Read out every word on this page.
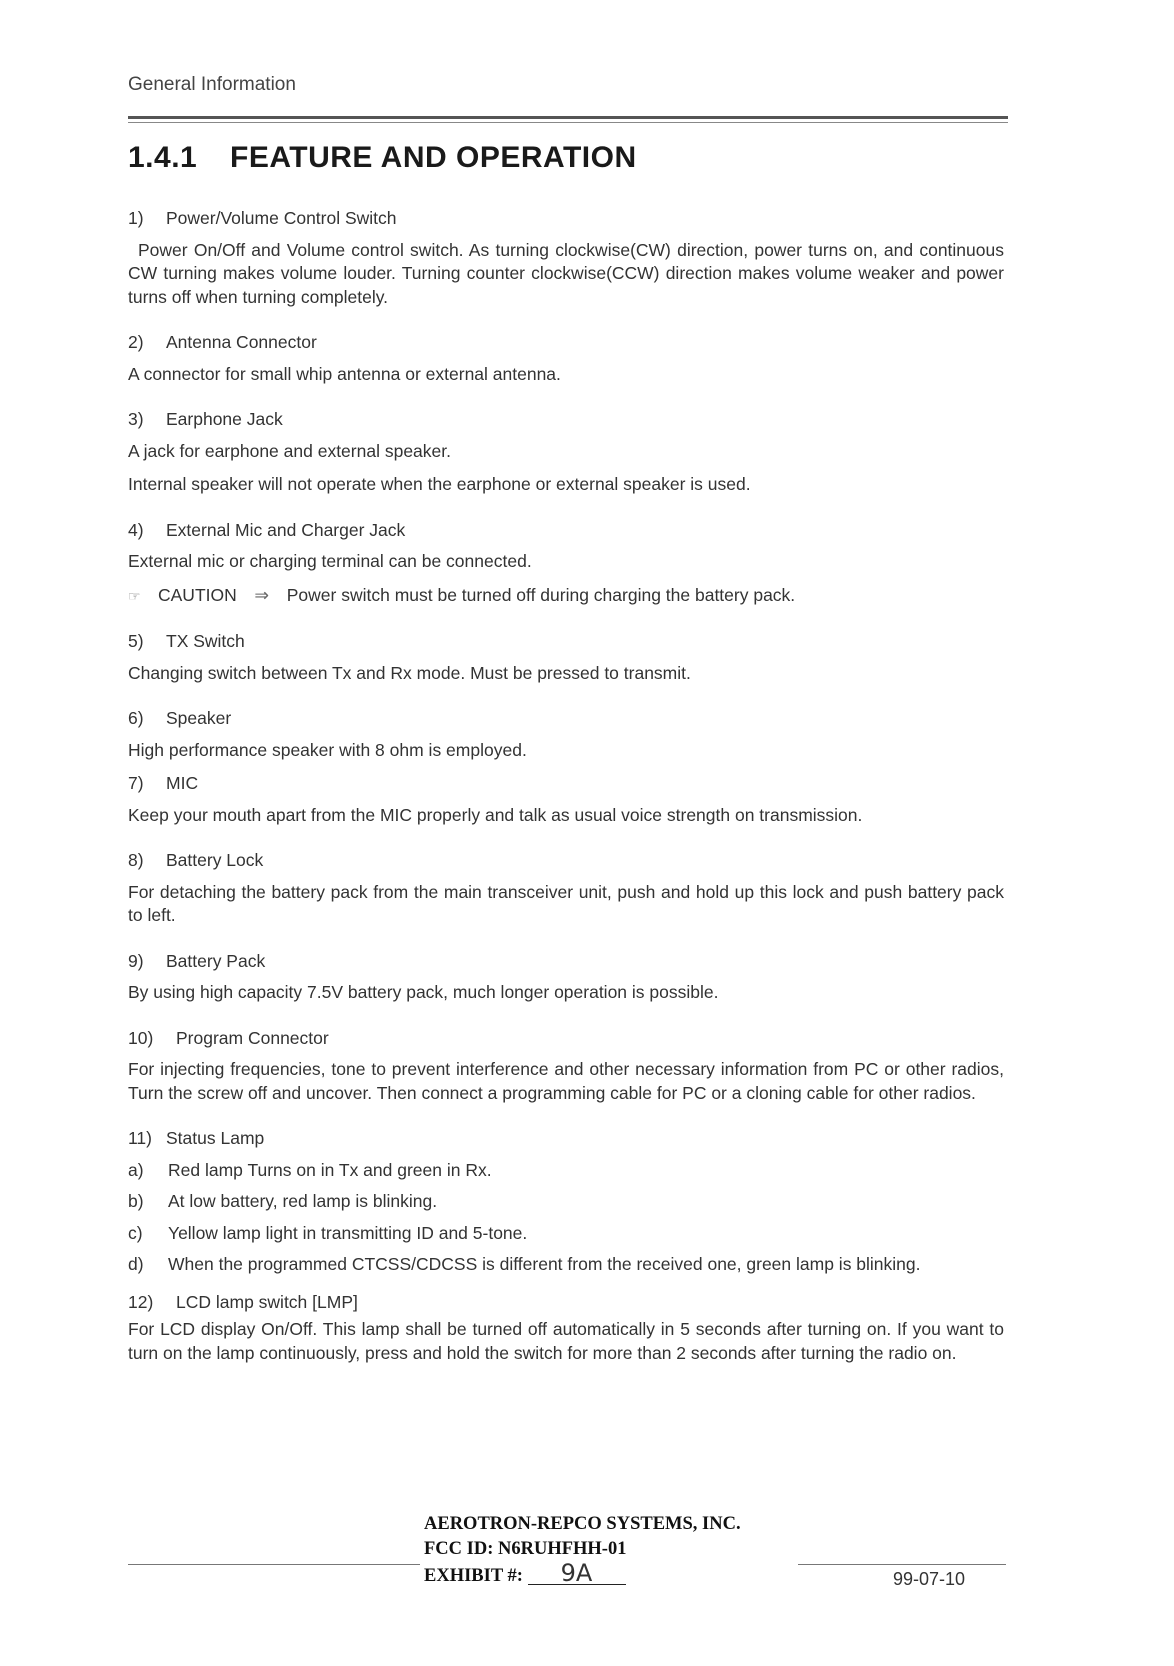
General Information
1.4.1 FEATURE AND OPERATION
1) Power/Volume Control Switch
Power On/Off and Volume control switch. As turning clockwise(CW) direction, power turns on, and continuous CW turning makes volume louder. Turning counter clockwise(CCW) direction makes volume weaker and power turns off when turning completely.
2) Antenna Connector
A connector for small whip antenna or external antenna.
3) Earphone Jack
A jack for earphone and external speaker.
Internal speaker will not operate when the earphone or external speaker is used.
4) External Mic and Charger Jack
External mic or charging terminal can be connected.
☞ CAUTION ⇒ Power switch must be turned off during charging the battery pack.
5) TX Switch
Changing switch between Tx and Rx mode. Must be pressed to transmit.
6) Speaker
High performance speaker with 8 ohm is employed.
7) MIC
Keep your mouth apart from the MIC properly and talk as usual voice strength on transmission.
8) Battery Lock
For detaching the battery pack from the main transceiver unit, push and hold up this lock and push battery pack to left.
9) Battery Pack
By using high capacity 7.5V battery pack, much longer operation is possible.
10) Program Connector
For injecting frequencies, tone to prevent interference and other necessary information from PC or other radios, Turn the screw off and uncover. Then connect a programming cable for PC or a cloning cable for other radios.
11) Status Lamp
a) Red lamp Turns on in Tx and green in Rx.
b) At low battery, red lamp is blinking.
c) Yellow lamp light in transmitting ID and 5-tone.
d) When the programmed CTCSS/CDCSS is different from the received one, green lamp is blinking.
12) LCD lamp switch [LMP]
For LCD display On/Off. This lamp shall be turned off automatically in 5 seconds after turning on. If you want to turn on the lamp continuously, press and hold the switch for more than 2 seconds after turning the radio on.
AEROTRON-REPCO SYSTEMS, INC.
FCC ID: N6RUHFHH-01
EXHIBIT #: 9A	99-07-10
